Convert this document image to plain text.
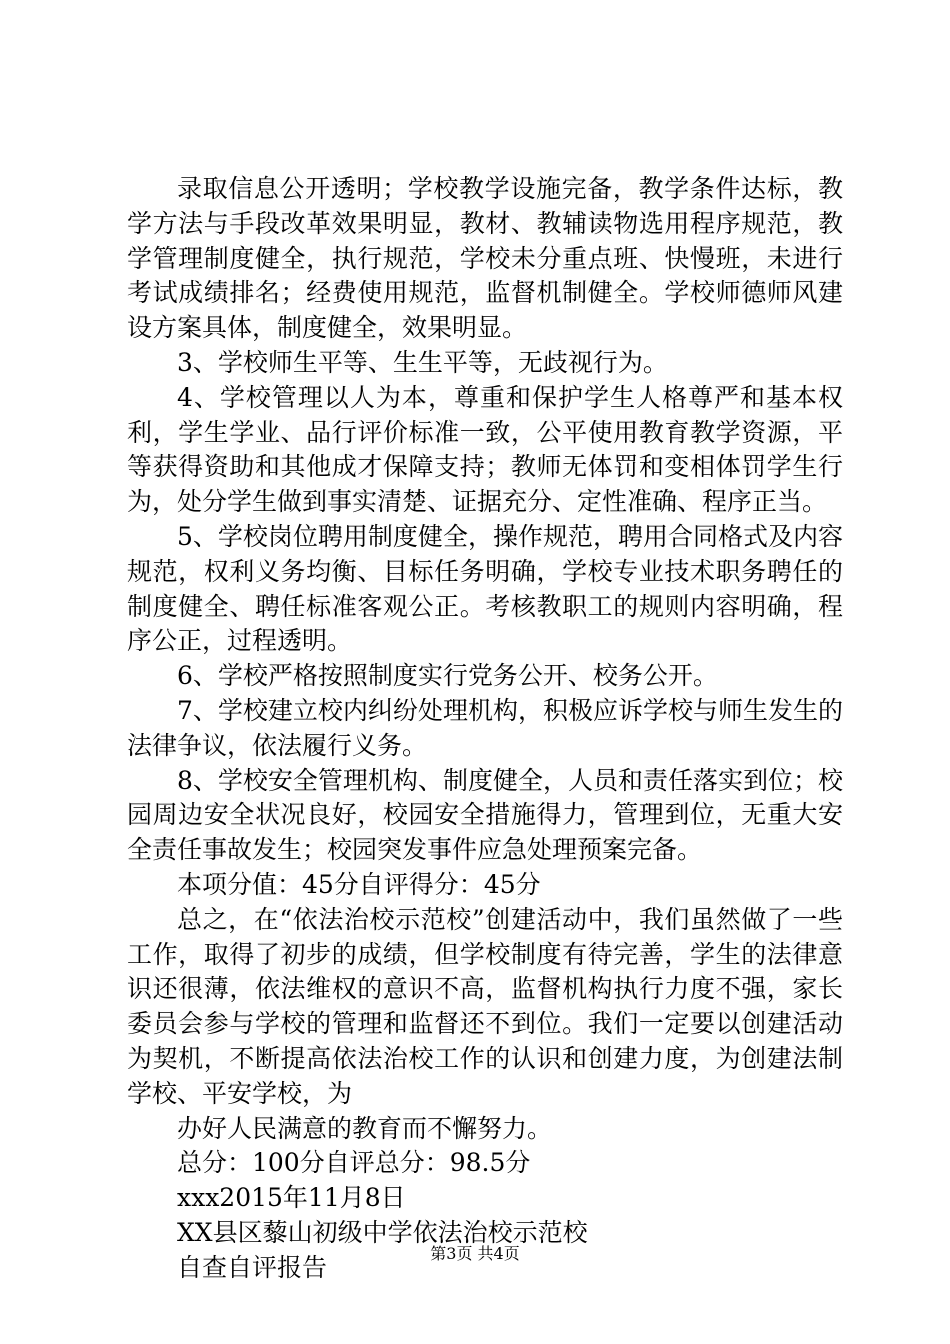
录取信息公开透明；学校教学设施完备，教学条件达标，教学方法与手段改革效果明显，教材、教辅读物选用程序规范，教学管理制度健全，执行规范，学校未分重点班、快慢班，未进行考试成绩排名；经费使用规范，监督机制健全。学校师德师风建设方案具体，制度健全，效果明显。

3、学校师生平等、生生平等，无歧视行为。

4、学校管理以人为本，尊重和保护学生人格尊严和基本权利，学生学业、品行评价标准一致，公平使用教育教学资源，平等获得资助和其他成才保障支持；教师无体罚和变相体罚学生行为，处分学生做到事实清楚、证据充分、定性准确、程序正当。

5、学校岗位聘用制度健全，操作规范，聘用合同格式及内容规范，权利义务均衡、目标任务明确，学校专业技术职务聘任的制度健全、聘任标准客观公正。考核教职工的规则内容明确，程序公正，过程透明。

6、学校严格按照制度实行党务公开、校务公开。

7、学校建立校内纠纷处理机构，积极应诉学校与师生发生的法律争议，依法履行义务。

8、学校安全管理机构、制度健全，人员和责任落实到位；校园周边安全状况良好，校园安全措施得力，管理到位，无重大安全责任事故发生；校园突发事件应急处理预案完备。

本项分值：45分自评得分：45分

总之，在“依法治校示范校”创建活动中，我们虽然做了一些工作，取得了初步的成绩，但学校制度有待完善，学生的法律意识还很薄，依法维权的意识不高，监督机构执行力度不强，家长委员会参与学校的管理和监督还不到位。我们一定要以创建活动为契机，不断提高依法治校工作的认识和创建力度，为创建法制学校、平安学校，为

办好人民满意的教育而不懈努力。

总分：100分自评总分：98.5分

xxx2015年11月8日

XX县区藜山初级中学依法治校示范校

自查自评报告	第3页 共4页
